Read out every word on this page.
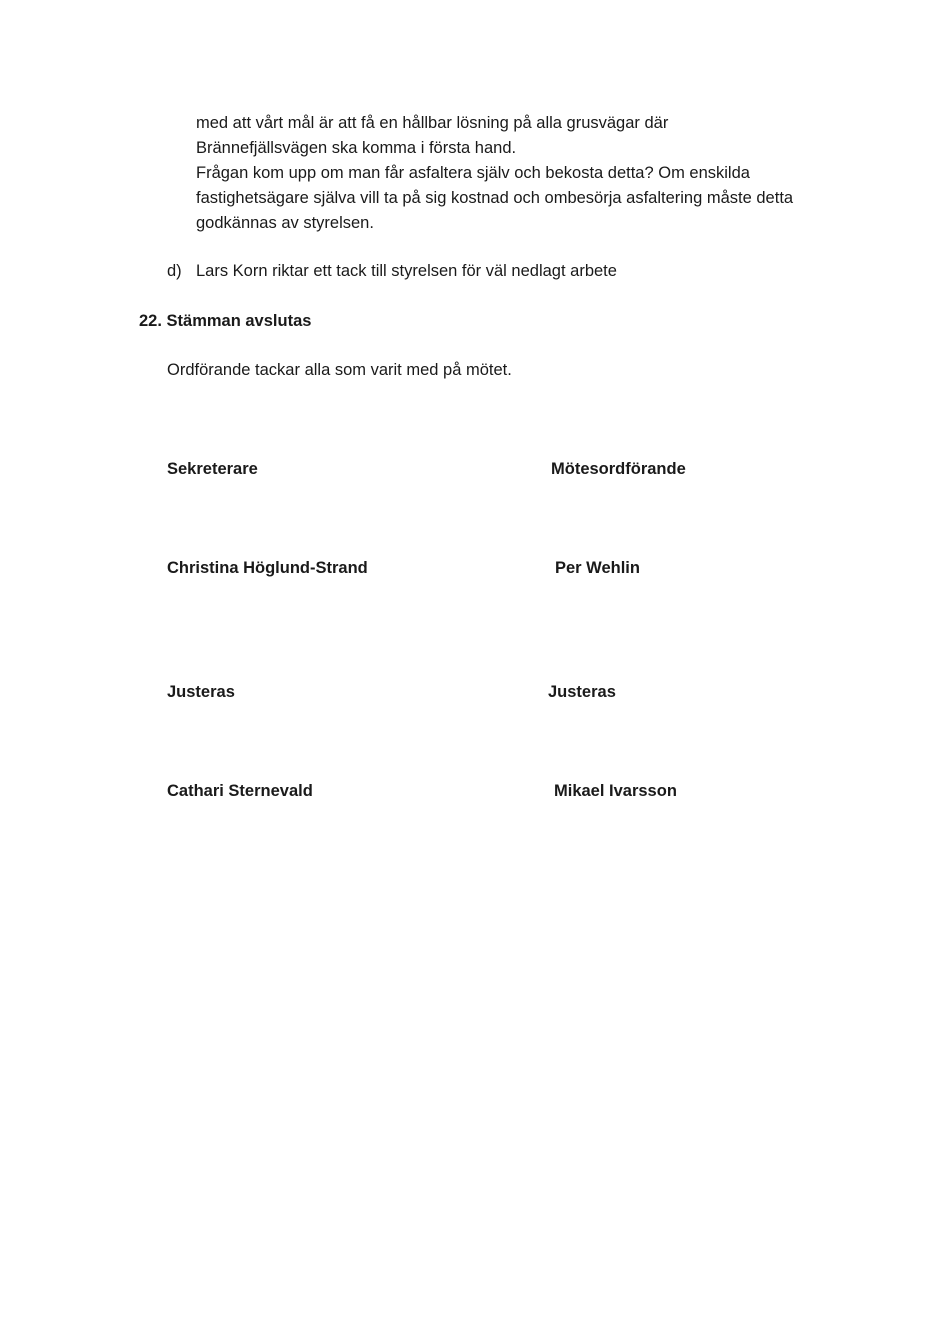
med att vårt mål är att få en hållbar lösning på alla grusvägar där
Brännefjällsvägen ska komma i första hand.
Frågan kom upp om man får asfaltera själv och bekosta detta? Om enskilda
fastighetsägare själva vill ta på sig kostnad och ombesörja asfaltering måste detta
godkännas av styrelsen.
d) Lars Korn riktar ett tack till styrelsen för väl nedlagt arbete
22. Stämman avslutas
Ordförande tackar alla som varit med på mötet.
Sekreterare	Mötesordförande
Christina Höglund-Strand	Per Wehlin
Justeras	Justeras
Cathari Sternevald	Mikael Ivarsson
